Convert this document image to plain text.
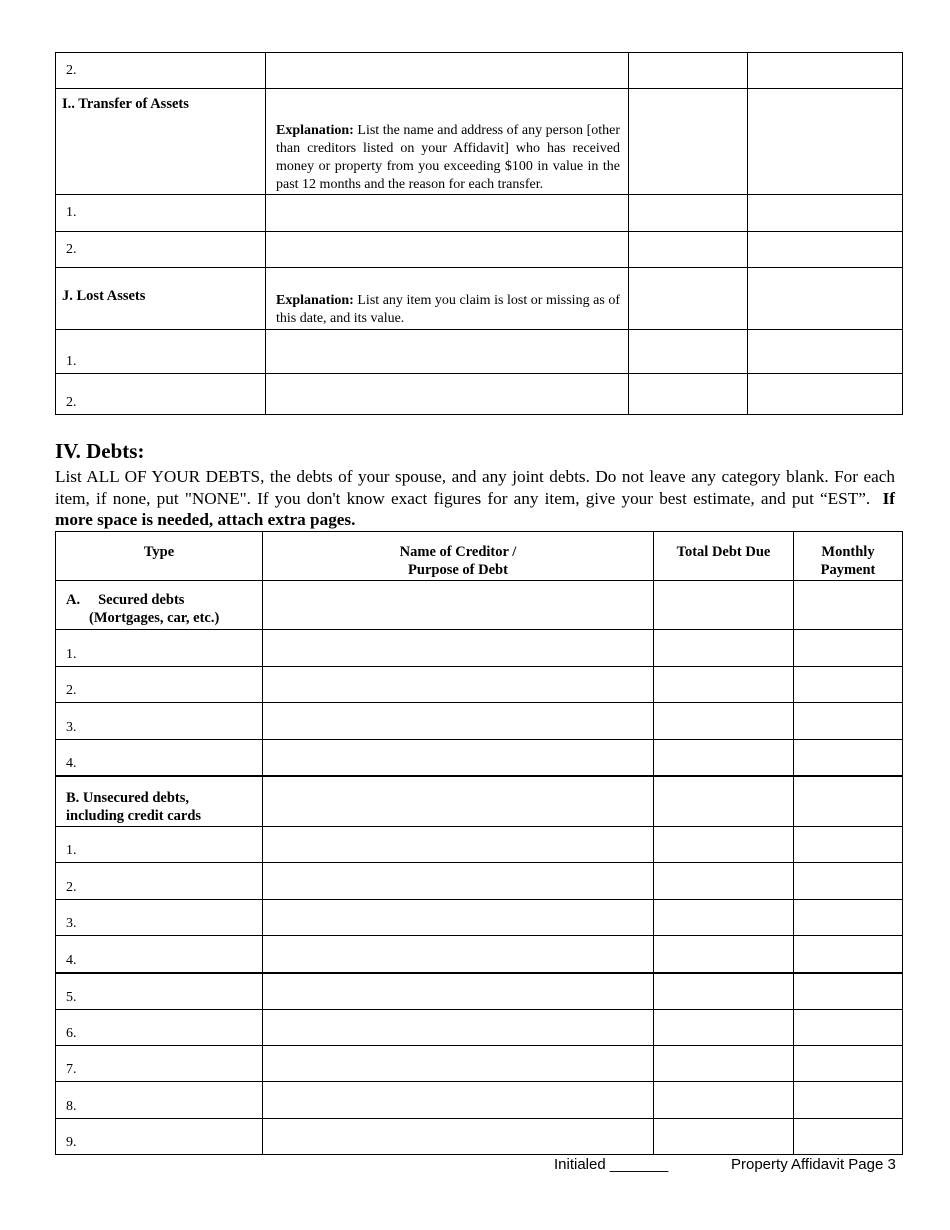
2.			
I.. Transfer of Assets	Explanation: List the name and address of any person [other than creditors listed on your Affidavit] who has received money or property from you exceeding $100 in value in the past 12 months and the reason for each transfer.		
1.			
2.			
J. Lost Assets	Explanation: List any item you claim is lost or missing as of this date, and its value.		
1.			
2.			
IV. Debts:

List ALL OF YOUR DEBTS, the debts of your spouse, and any joint debts. Do not leave any category blank. For each item, if none, put "NONE". If you don't know exact figures for any item, give your best estimate, and put “EST”. If more space is needed, attach extra pages.

Type	Name of Creditor /
Purpose of Debt	Total Debt Due	Monthly
Payment
A. Secured debts
(Mortgages, car, etc.)			
1.			
2.			
3.			
4.			
B. Unsecured debts,
including credit cards			
1.			
2.			
3.			
4.			
5.			
6.			
7.			
8.			
9.			
Initialed _______	Property Affidavit Page 3
